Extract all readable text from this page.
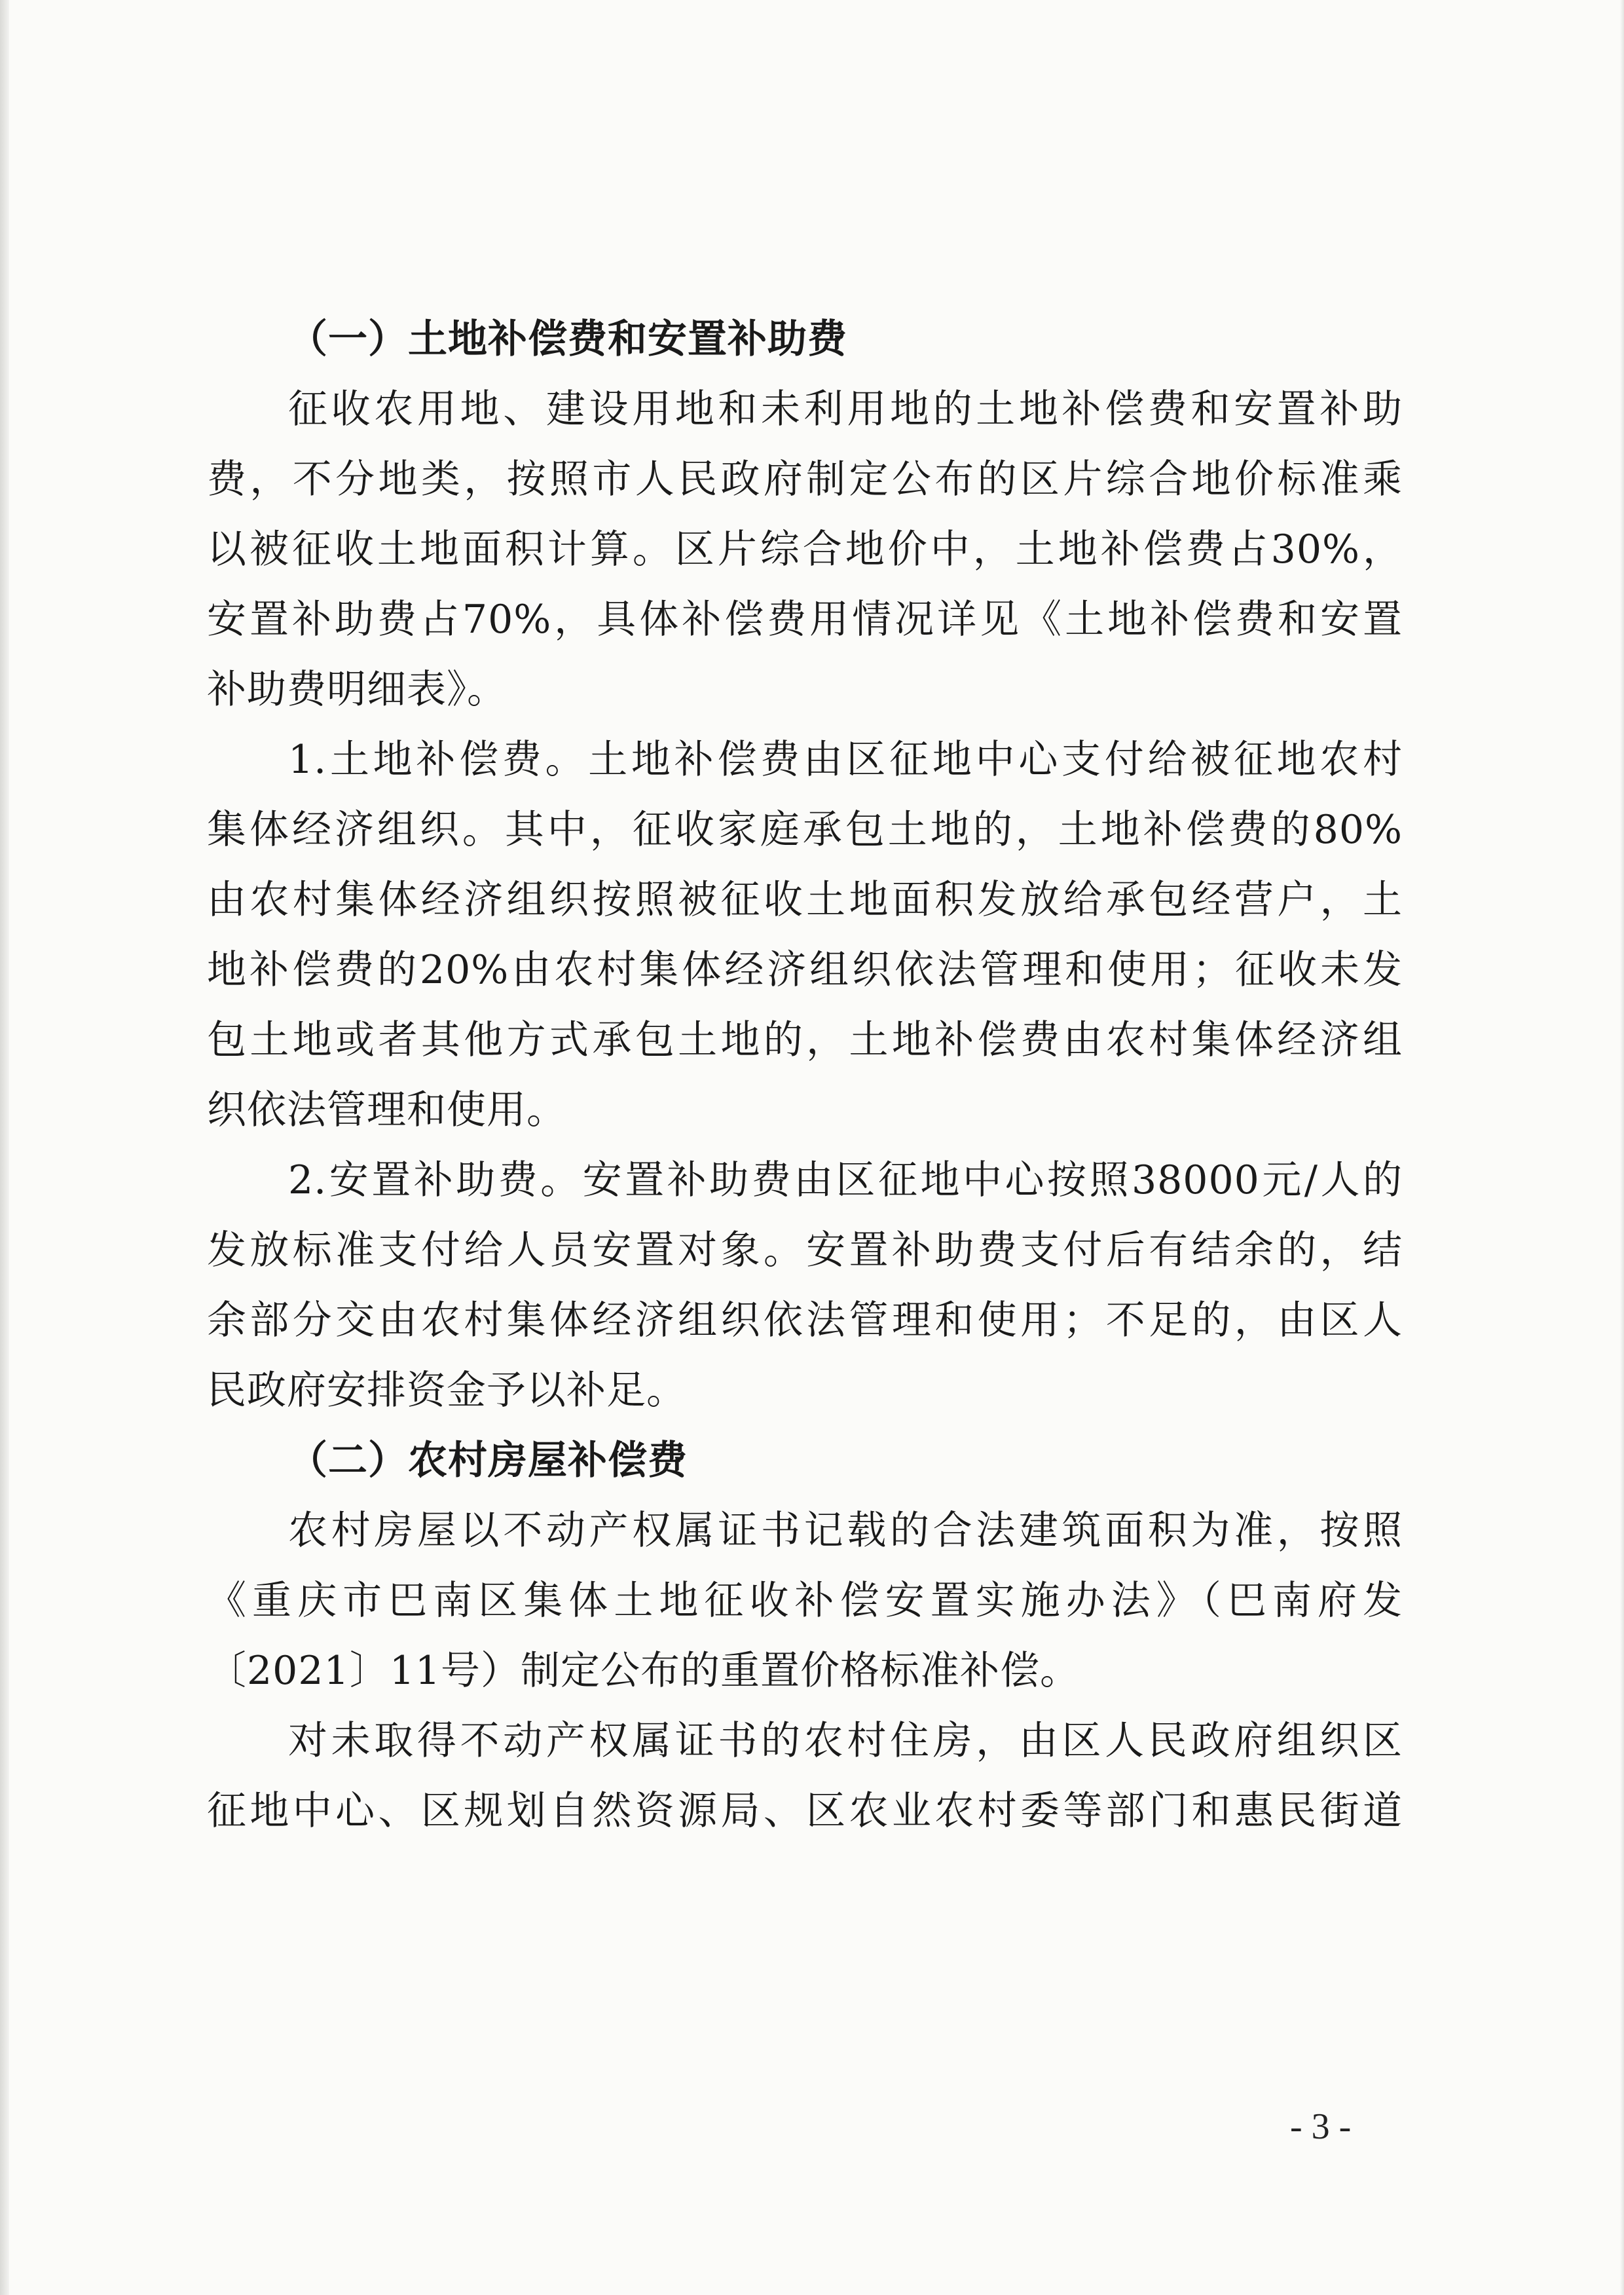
（一）土地补偿费和安置补助费
征收农用地、建设用地和未利用地的土地补偿费和安置补助
费，不分地类，按照市人民政府制定公布的区片综合地价标准乘
以被征收土地面积计算。区片综合地价中，土地补偿费占30%，
安置补助费占70%，具体补偿费用情况详见《土地补偿费和安置
补助费明细表》。
1.土地补偿费。土地补偿费由区征地中心支付给被征地农村
集体经济组织。其中，征收家庭承包土地的，土地补偿费的80%
由农村集体经济组织按照被征收土地面积发放给承包经营户，土
地补偿费的20%由农村集体经济组织依法管理和使用；征收未发
包土地或者其他方式承包土地的，土地补偿费由农村集体经济组
织依法管理和使用。
2.安置补助费。安置补助费由区征地中心按照38000元/人的
发放标准支付给人员安置对象。安置补助费支付后有结余的，结
余部分交由农村集体经济组织依法管理和使用；不足的，由区人
民政府安排资金予以补足。
（二）农村房屋补偿费
农村房屋以不动产权属证书记载的合法建筑面积为准，按照
《重庆市巴南区集体土地征收补偿安置实施办法》（巴南府发
〔2021〕11号）制定公布的重置价格标准补偿。
对未取得不动产权属证书的农村住房，由区人民政府组织区
征地中心、区规划自然资源局、区农业农村委等部门和惠民街道
- 3 -
